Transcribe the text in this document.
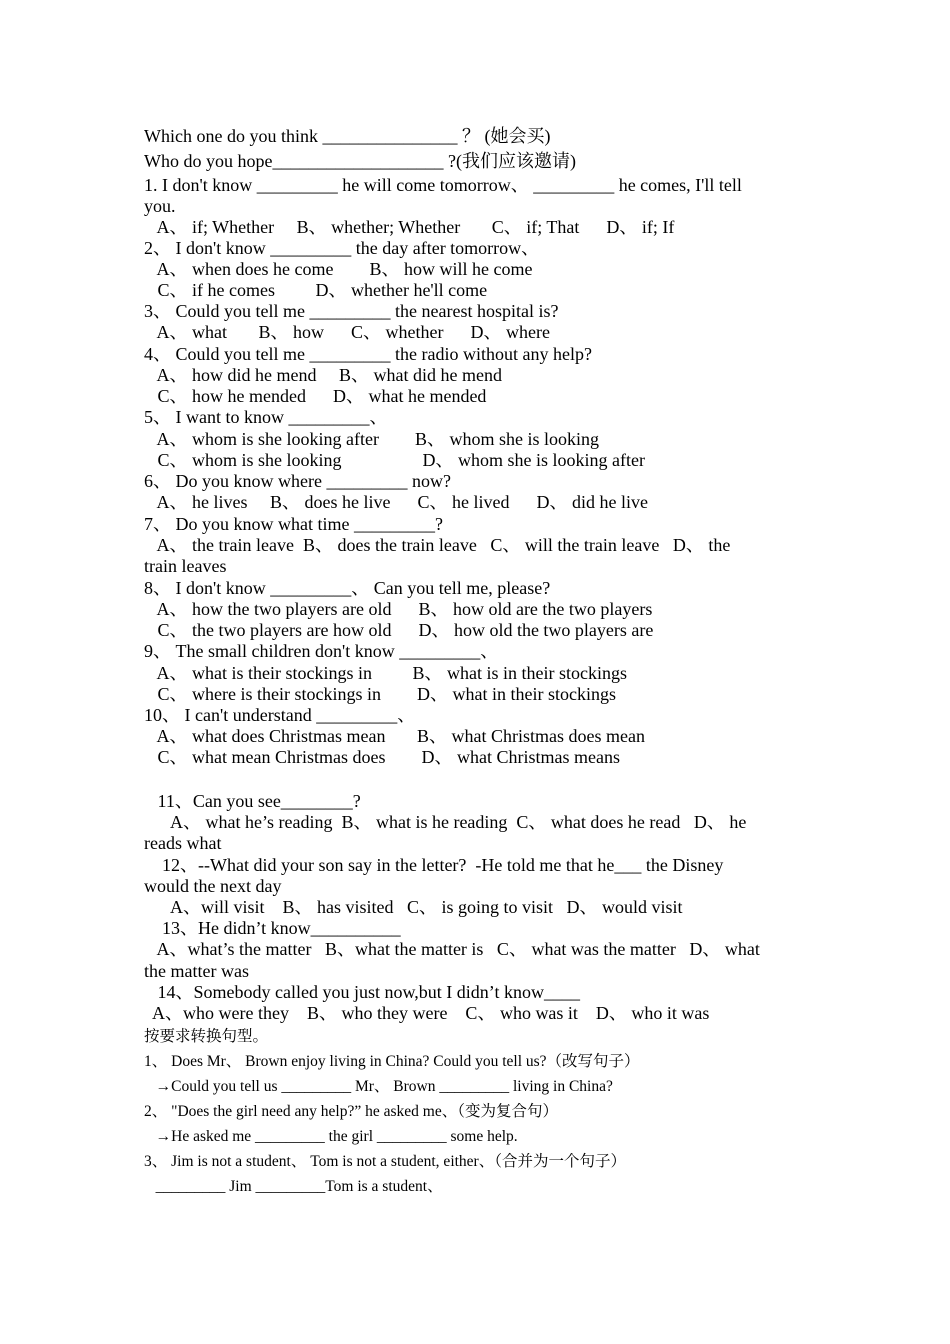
Which one do you think _______________ ？ (她会买)
Who do you hope___________________ ?(我们应该邀请)
1. I don't know _________ he will come tomorrow、 _________ he comes, I'll tell
you.
A、 if; Whether     B、 whether; Whether       C、 if; That      D、 if; If
2、 I don't know _________ the day after tomorrow、
A、 when does he come        B、 how will he come
C、 if he comes         D、 whether he'll come
3、 Could you tell me _________ the nearest hospital is?
A、 what       B、 how      C、 whether      D、 where
4、 Could you tell me _________ the radio without any help?
A、 how did he mend     B、 what did he mend
C、 how he mended      D、 what he mended
5、 I want to know _________、
A、 whom is she looking after        B、 whom she is looking
C、 whom is she looking                  D、 whom she is looking after
6、 Do you know where _________ now?
A、 he lives     B、 does he live      C、 he lived      D、 did he live
7、 Do you know what time _________?
A、 the train leave  B、 does the train leave   C、 will the train leave   D、 the
train leaves
8、 I don't know _________、 Can you tell me, please?
A、 how the two players are old      B、 how old are the two players
C、 the two players are how old      D、 how old the two players are
9、 The small children don't know _________、
A、 what is their stockings in         B、 what is in their stockings
C、 where is their stockings in        D、 what in their stockings
10、 I can't understand _________、
A、 what does Christmas mean       B、 what Christmas does mean
C、 what mean Christmas does        D、 what Christmas means
11、Can you see________?
A、 what he’s reading  B、 what is he reading  C、 what does he read   D、 he
reads what
12、--What did your son say in the letter?  -He told me that he___ the Disney
would the next day
A、will visit    B、 has visited   C、 is going to visit   D、 would visit
13、He didn’t know__________
A、what’s the matter   B、what the matter is   C、 what was the matter   D、 what
the matter was
14、Somebody called you just now,but I didn’t know____
A、who were they    B、 who they were    C、 who was it    D、 who it was
按要求转换句型。
1、 Does Mr、 Brown enjoy living in China? Could you tell us?（改写句子）
→Could you tell us _________ Mr、 Brown _________ living in China?
2、 "Does the girl need any help?” he asked me、（变为复合句）
→He asked me _________ the girl _________ some help.
3、 Jim is not a student、 Tom is not a student, either、（合并为一个句子）
_________ Jim _________Tom is a student、
